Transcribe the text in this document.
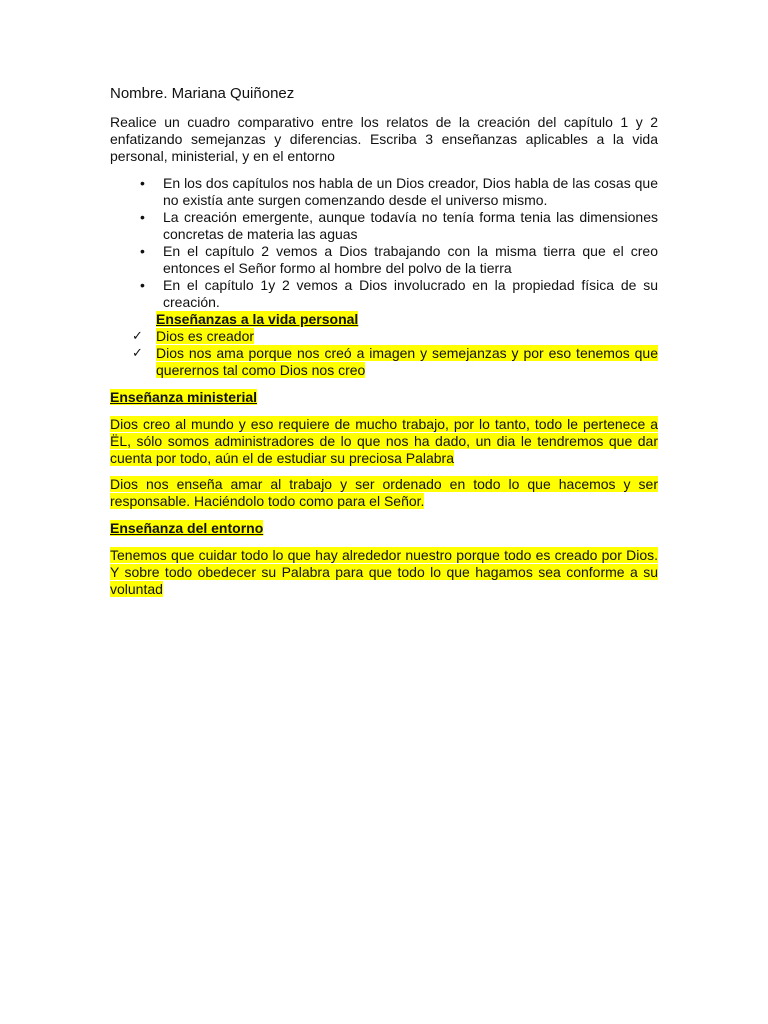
Nombre. Mariana Quiñonez

Realice un cuadro comparativo entre los relatos de la creación del capítulo 1 y 2 enfatizando semejanzas y diferencias. Escriba 3 enseñanzas aplicables a la vida personal, ministerial, y en el entorno

•	En los dos capítulos nos habla de un Dios creador, Dios habla de las cosas que no existía ante surgen comenzando desde el universo mismo.
•	La creación emergente, aunque todavía no tenía forma tenia las dimensiones concretas de materia las aguas
•	En el capítulo 2 vemos a Dios trabajando con la misma tierra que el creo entonces el Señor formo al hombre del polvo de la tierra
•	En el capítulo 1y 2 vemos a Dios involucrado en la propiedad física de su creación.
Enseñanzas a la vida personal
✓ Dios es creador
✓ Dios nos ama porque nos creó a imagen y semejanzas y por eso tenemos que querernos tal como Dios nos creo
Enseñanza ministerial

Dios creo al mundo y eso requiere de mucho trabajo, por lo tanto, todo le pertenece a ËL, sólo somos administradores de lo que nos ha dado, un dia le tendremos que dar cuenta por todo, aún el de estudiar su preciosa Palabra

Dios nos enseña amar al trabajo y ser ordenado en todo lo que hacemos y ser responsable. Haciéndolo todo como para el Señor.

Enseñanza del entorno

Tenemos que cuidar todo lo que hay alrededor nuestro porque todo es creado por Dios. Y sobre todo obedecer su Palabra para que todo lo que hagamos sea conforme a su voluntad
